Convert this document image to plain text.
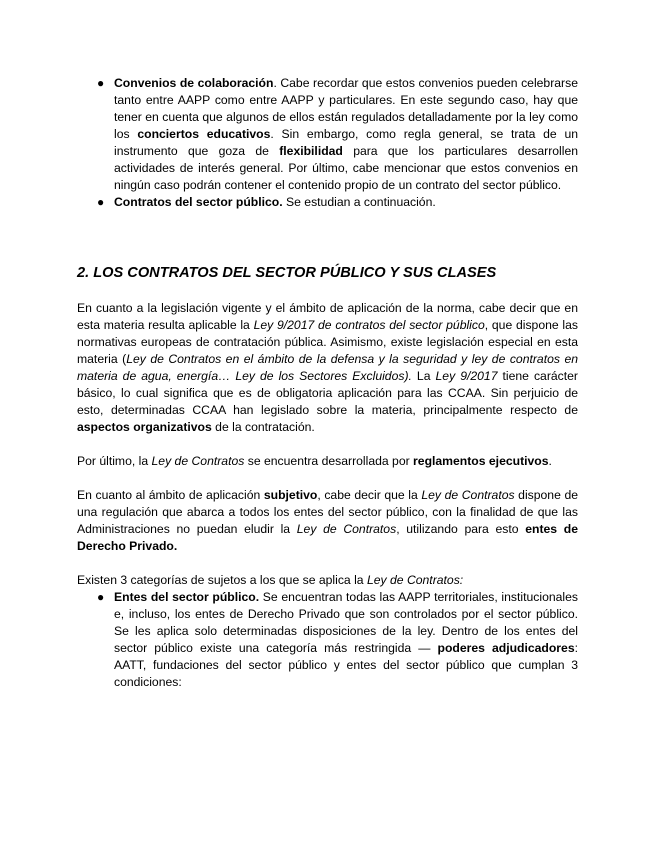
● Convenios de colaboración. Cabe recordar que estos convenios pueden celebrarse tanto entre AAPP como entre AAPP y particulares. En este segundo caso, hay que tener en cuenta que algunos de ellos están regulados detalladamente por la ley como los conciertos educativos. Sin embargo, como regla general, se trata de un instrumento que goza de flexibilidad para que los particulares desarrollen actividades de interés general. Por último, cabe mencionar que estos convenios en ningún caso podrán contener el contenido propio de un contrato del sector público.
● Contratos del sector público. Se estudian a continuación.
2. LOS CONTRATOS DEL SECTOR PÚBLICO Y SUS CLASES

En cuanto a la legislación vigente y el ámbito de aplicación de la norma, cabe decir que en esta materia resulta aplicable la Ley 9/2017 de contratos del sector público, que dispone las normativas europeas de contratación pública. Asimismo, existe legislación especial en esta materia (Ley de Contratos en el ámbito de la defensa y la seguridad y ley de contratos en materia de agua, energía… Ley de los Sectores Excluidos). La Ley 9/2017 tiene carácter básico, lo cual significa que es de obligatoria aplicación para las CCAA. Sin perjuicio de esto, determinadas CCAA han legislado sobre la materia, principalmente respecto de aspectos organizativos de la contratación.

Por último, la Ley de Contratos se encuentra desarrollada por reglamentos ejecutivos.

En cuanto al ámbito de aplicación subjetivo, cabe decir que la Ley de Contratos dispone de una regulación que abarca a todos los entes del sector público, con la finalidad de que las Administraciones no puedan eludir la Ley de Contratos, utilizando para esto entes de Derecho Privado.

Existen 3 categorías de sujetos a los que se aplica la Ley de Contratos:

● Entes del sector público. Se encuentran todas las AAPP territoriales, institucionales e, incluso, los entes de Derecho Privado que son controlados por el sector público. Se les aplica solo determinadas disposiciones de la ley. Dentro de los entes del sector público existe una categoría más restringida — poderes adjudicadores: AATT, fundaciones del sector público y entes del sector público que cumplan 3 condiciones:
